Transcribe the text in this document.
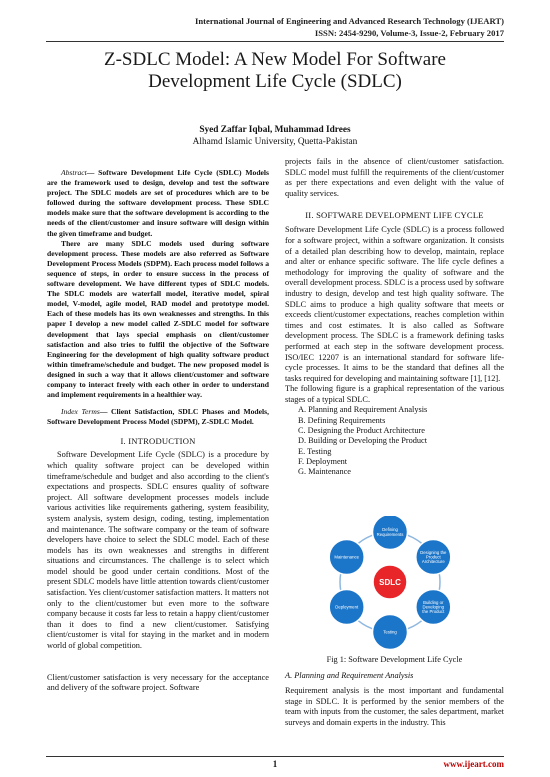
International Journal of Engineering and Advanced Research Technology (IJEART)
ISSN: 2454-9290, Volume-3, Issue-2, February 2017
Z-SDLC Model: A New Model For Software
Development Life Cycle (SDLC)
Syed Zaffar Iqbal, Muhammad Idrees
Alhamd Islamic University, Quetta-Pakistan
Abstract— Software Development Life Cycle (SDLC) Models are the framework used to design, develop and test the software project. The SDLC models are set of procedures which are to be followed during the software development process. These SDLC models make sure that the software development is according to the needs of the client/customer and insure software will design within the given timeframe and budget.
There are many SDLC models used during software development process. These models are also referred as Software Development Process Models (SDPM). Each process model follows a sequence of steps, in order to ensure success in the process of software development. We have different types of SDLC models. The SDLC models are waterfall model, iterative model, spiral model, V-model, agile model, RAD model and prototype model. Each of these models has its own weaknesses and strengths. In this paper I develop a new model called Z-SDLC model for software development that lays special emphasis on client/customer satisfaction and also tries to fulfil the objective of the Software Engineering for the development of high quality software product within timeframe/schedule and budget. The new proposed model is designed in such a way that it allows client/customer and software company to interact freely with each other in order to understand and implement requirements in a healthier way.
Index Terms— Client Satisfaction, SDLC Phases and Models, Software Development Process Model (SDPM), Z-SDLC Model.
I. INTRODUCTION
Software Development Life Cycle (SDLC) is a procedure by which quality software project can be developed within timeframe/schedule and budget and also according to the client's expectations and prospects. SDLC ensures quality of software project. All software development processes models include various activities like requirements gathering, system feasibility, system analysis, system design, coding, testing, implementation and maintenance. The software company or the team of software developers have choice to select the SDLC model. Each of these models has its own weaknesses and strengths in different situations and circumstances. The challenge is to select which model should be good under certain conditions. Most of the present SDLC models have little attention towards client/customer satisfaction. Yes client/customer satisfaction matters. It matters not only to the client/customer but even more to the software company because it costs far less to retain a happy client/customer than it does to find a new client/customer. Satisfying client/customer is vital for staying in the market and in modern world of global competition.
Client/customer satisfaction is very necessary for the acceptance and delivery of the software project. Software
projects fails in the absence of client/customer satisfaction. SDLC model must fulfill the requirements of the client/customer as per there expectations and even delight with the value of quality services.
II. SOFTWARE DEVELOPMENT LIFE CYCLE
Software Development Life Cycle (SDLC) is a process followed for a software project, within a software organization. It consists of a detailed plan describing how to develop, maintain, replace and alter or enhance specific software. The life cycle defines a methodology for improving the quality of software and the overall development process. SDLC is a process used by software industry to design, develop and test high quality software. The SDLC aims to produce a high quality software that meets or exceeds client/customer expectations, reaches completion within times and cost estimates. It is also called as Software development process. The SDLC is a framework defining tasks performed at each step in the software development process. ISO/IEC 12207 is an international standard for software life-cycle processes. It aims to be the standard that defines all the tasks required for developing and maintaining software [1], [12].
The following figure is a graphical representation of the various stages of a typical SDLC.
A. Planning and Requirement Analysis
B. Defining Requirements
C. Designing the Product Architecture
D. Building or Developing the Product
E. Testing
F. Deployment
G. Maintenance
Defining
Requirements
Designing the
Product
Architecture
Building or
Developing
the Product
Testing
Deployment
Maintenance
SDLC
Fig 1: Software Development Life Cycle
A. Planning and Requirement Analysis
Requirement analysis is the most important and fundamental stage in SDLC. It is performed by the senior members of the team with inputs from the customer, the sales department, market surveys and domain experts in the industry. This
1	www.ijeart.com
